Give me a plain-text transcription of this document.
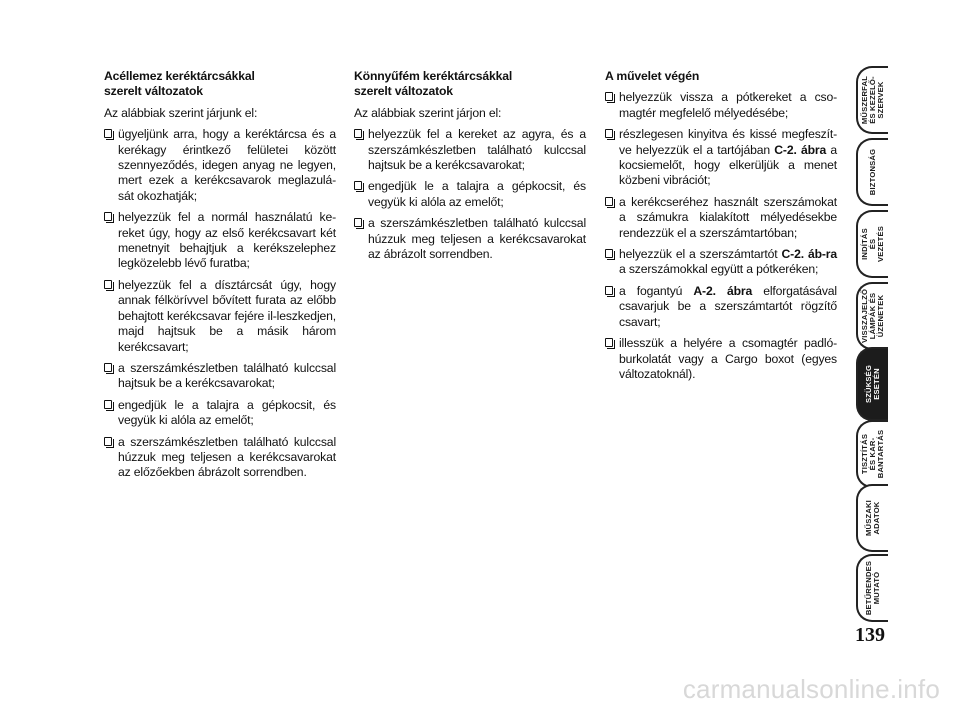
Acéllemez keréktárcsákkal
szerelt változatok

Az alábbiak szerint járjunk el:

ügyeljünk arra, hogy a keréktárcsa és a kerékagy érintkező felületei között szennyeződés, idegen anyag ne legyen, mert ezek a kerékcsavarok meglazulá-sát okozhatják;
helyezzük fel a normál használatú ke-reket úgy, hogy az első kerékcsavart két menetnyit behajtjuk a kerékszelephez legközelebb lévő furatba;
helyezzük fel a dísztárcsát úgy, hogy annak félkörívvel bővített furata az előbb behajtott kerékcsavar fejére il-leszkedjen, majd hajtsuk be a másik három kerékcsavart;
a szerszámkészletben található kulccsal hajtsuk be a kerékcsavarokat;
engedjük le a talajra a gépkocsit, és vegyük ki alóla az emelőt;
a szerszámkészletben található kulccsal húzzuk meg teljesen a kerékcsavarokat az előzőekben ábrázolt sorrendben.

Könnyűfém keréktárcsákkal
szerelt változatok

Az alábbiak szerint járjon el:

helyezzük fel a kereket az agyra, és a szerszámkészletben található kulccsal hajtsuk be a kerékcsavarokat;
engedjük le a talajra a gépkocsit, és vegyük ki alóla az emelőt;
a szerszámkészletben található kulccsal húzzuk meg teljesen a kerékcsavarokat az ábrázolt sorrendben.

A művelet végén

helyezzük vissza a pótkereket a cso-magtér megfelelő mélyedésébe;
részlegesen kinyitva és kissé megfeszít-ve helyezzük el a tartójában C-2. ábra a kocsiemelőt, hogy elkerüljük a menet közbeni vibrációt;
a kerékcseréhez használt szerszámokat a számukra kialakított mélyedésekbe rendezzük el a szerszámtartóban;
helyezzük el a szerszámtartót C-2. áb-ra a szerszámokkal együtt a pótkeréken;
a fogantyú A-2. ábra elforgatásával csavarjuk be a szerszámtartót rögzítő csavart;
illesszük a helyére a csomagtér padló-burkolatát vagy a Cargo boxot (egyes változatoknál).
MŰSZERFAL
ÉS KEZELŐ-
SZERVEK
BIZTONSÁG
INDÍTÁS
ÉS VEZETÉS
VISSZAJELZŐ
LÁMPÁK ÉS
ÜZENETEK
SZÜKSÉG ESETÉN
TISZTÍTÁS
ÉS KAR-
BANTARTÁS
MŰSZAKI
ADATOK
BETŰRENDES
MUTATÓ
139
carmanualsonline.info
